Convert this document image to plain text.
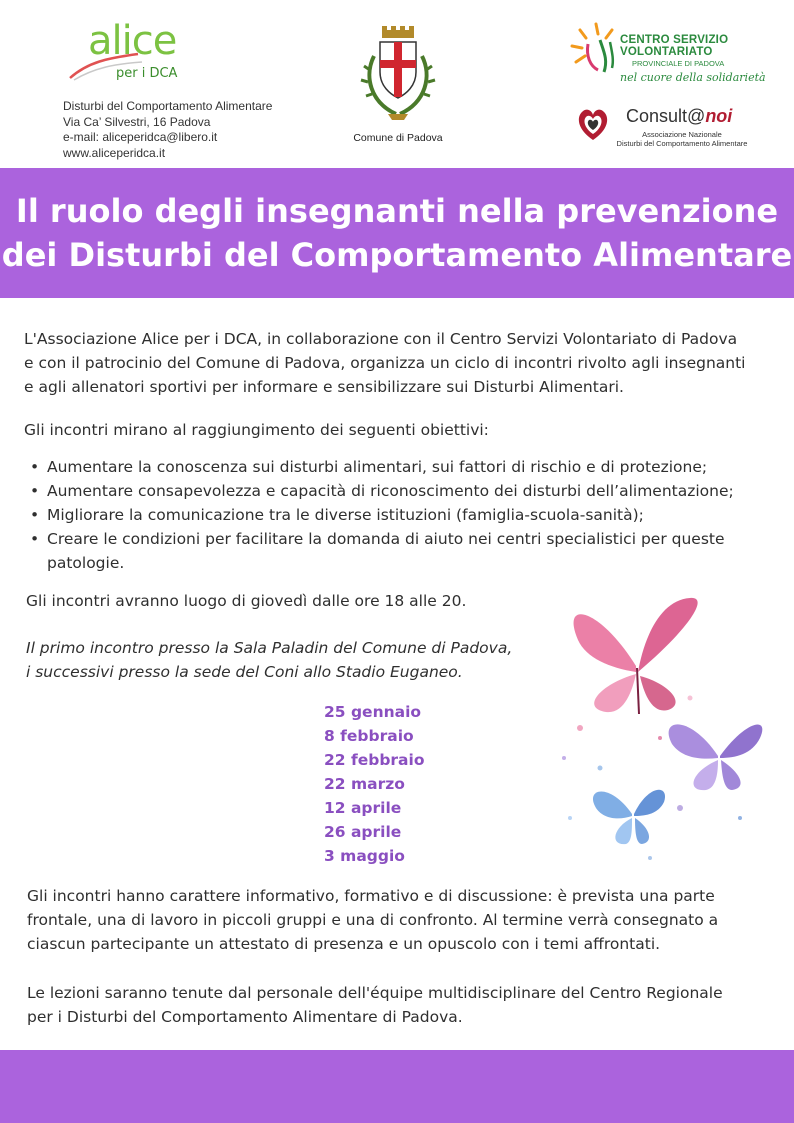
alice
per i DCA
Disturbi del Comportamento Alimentare
Via Ca’ Silvestri, 16 Padova
e-mail: aliceperidca@libero.it
www.aliceperidca.it
Comune di Padova
CENTRO SERVIZIO
VOLONTARIATO
PROVINCIALE DI PADOVA
nel cuore della solidarietà
Consult@noi
Associazione Nazionale
Disturbi del Comportamento Alimentare
Il ruolo degli insegnanti nella prevenzione
dei Disturbi del Comportamento Alimentare
L'Associazione Alice per i DCA, in collaborazione con il Centro Servizi Volontariato di Padova
e con il patrocinio del Comune di Padova, organizza un ciclo di incontri rivolto agli insegnanti
e agli allenatori sportivi per informare e sensibilizzare sui Disturbi Alimentari.
Gli incontri mirano al raggiungimento dei seguenti obiettivi:
• Aumentare la conoscenza sui disturbi alimentari, sui fattori di rischio e di protezione;
• Aumentare consapevolezza e capacità di riconoscimento dei disturbi dell’alimentazione;
• Migliorare la comunicazione tra le diverse istituzioni (famiglia-scuola-sanità);
• Creare le condizioni per facilitare la domanda di aiuto nei centri specialistici per queste
patologie.
Gli incontri avranno luogo di giovedì dalle ore 18 alle 20.
Il primo incontro presso la Sala Paladin del Comune di Padova,
i successivi presso la sede del Coni allo Stadio Euganeo.
25 gennaio
8 febbraio
22 febbraio
22 marzo
12 aprile
26 aprile
3 maggio
Gli incontri hanno carattere informativo, formativo e di discussione: è prevista una parte
frontale, una di lavoro in piccoli gruppi e una di confronto. Al termine verrà consegnato a
ciascun partecipante un attestato di presenza e un opuscolo con i temi affrontati.
Le lezioni saranno tenute dal personale dell'équipe multidisciplinare del Centro Regionale
per i Disturbi del Comportamento Alimentare di Padova.
